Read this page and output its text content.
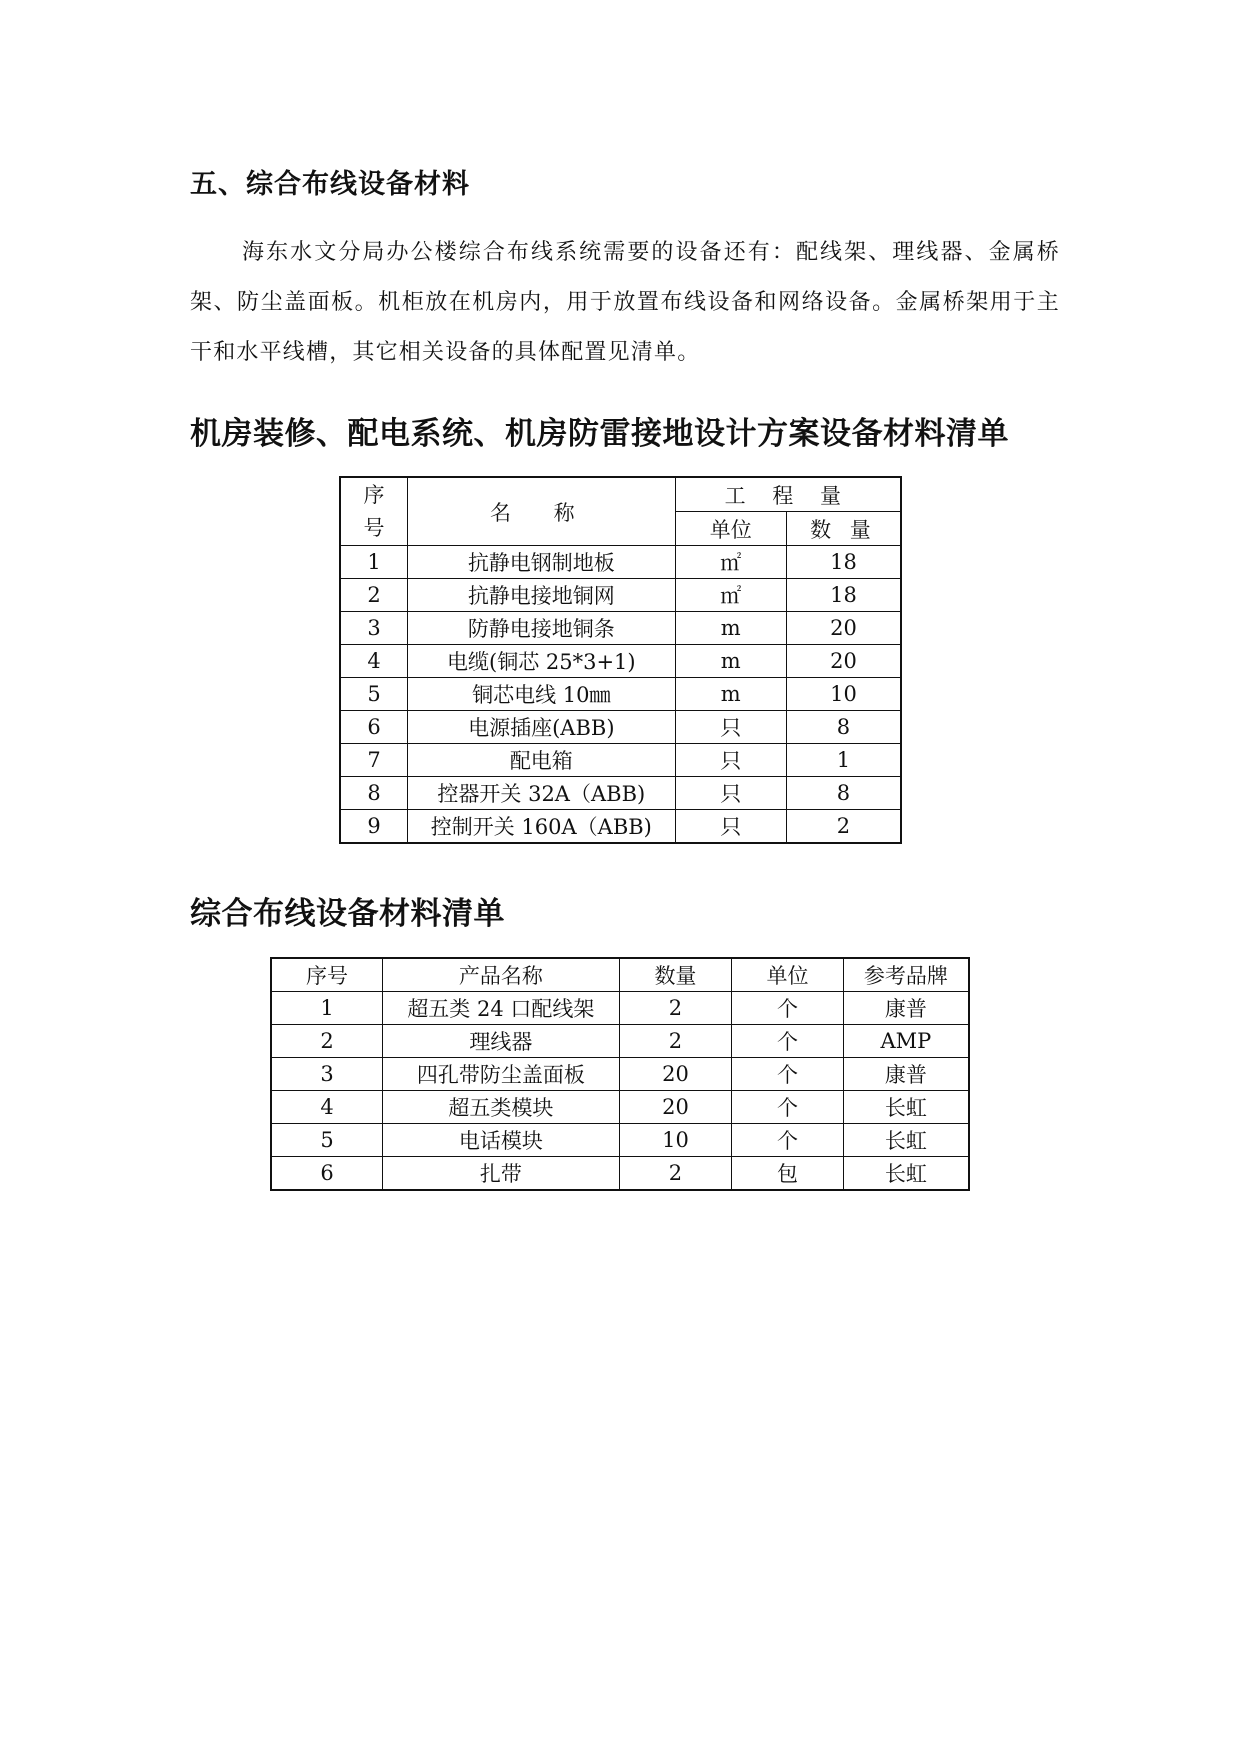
五、综合布线设备材料

海东水文分局办公楼综合布线系统需要的设备还有：配线架、理线器、金属桥架、防尘盖面板。机柜放在机房内，用于放置布线设备和网络设备。金属桥架用于主干和水平线槽，其它相关设备的具体配置见清单。

机房装修、配电系统、机房防雷接地设计方案设备材料清单
序号	名 称	工 程 量	
		单位	数 量
1	抗静电钢制地板	㎡	18
2	抗静电接地铜网	㎡	18
3	防静电接地铜条	m	20
4	电缆(铜芯 25*3+1)	m	20
5	铜芯电线 10㎜	m	10
6	电源插座(ABB)	只	8
7	配电箱	只	1
8	控器开关 32A（ABB)	只	8
9	控制开关 160A（ABB)	只	2
综合布线设备材料清单
序号	产品名称	数量	单位	参考品牌
1	超五类 24 口配线架	2	个	康普
2	理线器	2	个	AMP
3	四孔带防尘盖面板	20	个	康普
4	超五类模块	20	个	长虹
5	电话模块	10	个	长虹
6	扎带	2	包	长虹
